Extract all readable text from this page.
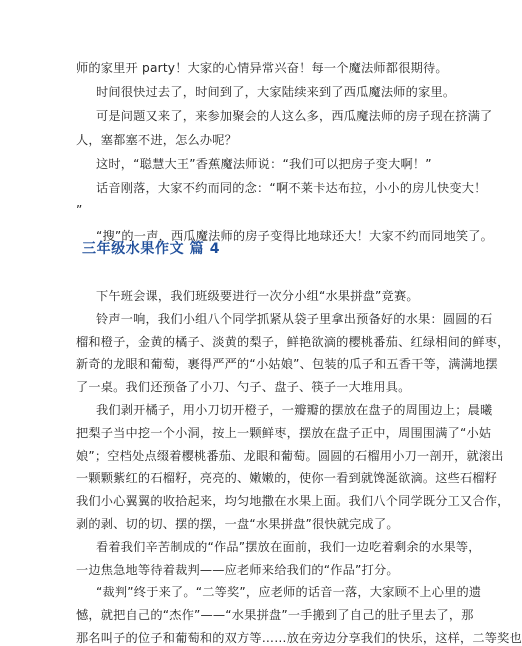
师的家里开 party！大家的心情异常兴奋！每一个魔法师都很期待。
时间很快过去了，时间到了，大家陆续来到了西瓜魔法师的家里。
可是问题又来了，来参加聚会的人这么多，西瓜魔法师的房子现在挤满了
人，塞都塞不进，怎么办呢？
这时，“聪慧大王”香蕉魔法师说：“我们可以把房子变大啊！”
话音刚落，大家不约而同的念：“啊不莱卡达布拉，小小的房儿快变大！
”
“搜”的一声，西瓜魔法师的房子变得比地球还大！大家不约而同地笑了。
三年级水果作文 篇 4
下午班会课，我们班级要进行一次分小组“水果拼盘”竞赛。
铃声一响，我们小组八个同学抓紧从袋子里拿出预备好的水果：圆圆的石
榴和橙子，金黄的橘子、淡黄的梨子，鲜艳欲滴的樱桃番茄、红绿相间的鲜枣，
新奇的龙眼和葡萄，裹得严严的“小姑娘”、包装的瓜子和五香干等，满满地摆
了一桌。我们还预备了小刀、勺子、盘子、筷子一大堆用具。
我们剥开橘子，用小刀切开橙子，一瓣瓣的摆放在盘子的周围边上；晨曦
把梨子当中挖一个小洞，按上一颗鲜枣，摆放在盘子正中，周围围满了“小姑
娘”；空档处点缀着樱桃番茄、龙眼和葡萄。圆圆的石榴用小刀一剖开，就滚出
一颗颗紫红的石榴籽，亮亮的、嫩嫩的，使你一看到就馋涎欲滴。这些石榴籽
我们小心翼翼的收拾起来，均匀地撒在水果上面。我们八个同学既分工又合作，
剥的剥、切的切、摆的摆，一盘“水果拼盘”很快就完成了。
看着我们辛苦制成的“作品”摆放在面前，我们一边吃着剩余的水果等，
一边焦急地等待着裁判——应老师来给我们的“作品”打分。
“裁判”终于来了。“二等奖”，应老师的话音一落，大家顾不上心里的遗
憾，就把自己的“杰作”——“水果拼盘”一手搬到了自己的肚子里去了，那
那名叫子的位子和葡萄和的双方等……放在旁边分享我们的快乐，这样，二等奖也
